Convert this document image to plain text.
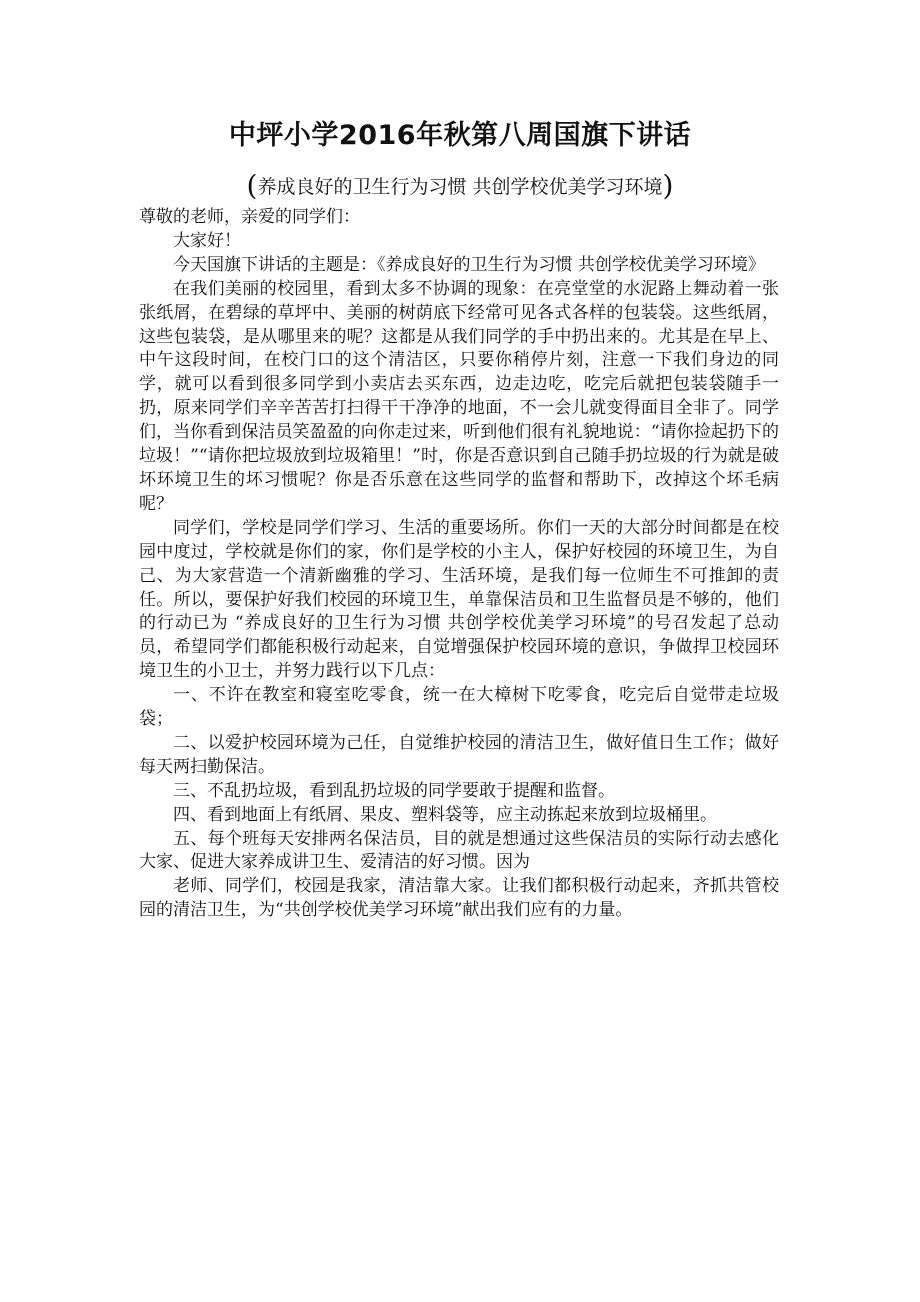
中坪小学2016年秋第八周国旗下讲话
(养成良好的卫生行为习惯 共创学校优美学习环境)

尊敬的老师，亲爱的同学们：

大家好！

今天国旗下讲话的主题是：《养成良好的卫生行为习惯 共创学校优美学习环境》

在我们美丽的校园里，看到太多不协调的现象：在亮堂堂的水泥路上舞动着一张张纸屑，在碧绿的草坪中、美丽的树荫底下经常可见各式各样的包装袋。这些纸屑，这些包装袋，是从哪里来的呢？这都是从我们同学的手中扔出来的。尤其是在早上、中午这段时间，在校门口的这个清洁区，只要你稍停片刻，注意一下我们身边的同学，就可以看到很多同学到小卖店去买东西，边走边吃，吃完后就把包装袋随手一扔，原来同学们辛辛苦苦打扫得干干净净的地面，不一会儿就变得面目全非了。同学们，当你看到保洁员笑盈盈的向你走过来，听到他们很有礼貌地说：“请你捡起扔下的垃圾！”“请你把垃圾放到垃圾箱里！”时，你是否意识到自己随手扔垃圾的行为就是破坏环境卫生的坏习惯呢？你是否乐意在这些同学的监督和帮助下，改掉这个坏毛病呢？

同学们，学校是同学们学习、生活的重要场所。你们一天的大部分时间都是在校园中度过，学校就是你们的家，你们是学校的小主人，保护好校园的环境卫生，为自己、为大家营造一个清新幽雅的学习、生活环境，是我们每一位师生不可推卸的责任。所以，要保护好我们校园的环境卫生，单靠保洁员和卫生监督员是不够的，他们的行动已为 “养成良好的卫生行为习惯 共创学校优美学习环境”的号召发起了总动员，希望同学们都能积极行动起来，自觉增强保护校园环境的意识，争做捍卫校园环境卫生的小卫士，并努力践行以下几点：

一、不许在教室和寝室吃零食，统一在大樟树下吃零食，吃完后自觉带走垃圾袋；

二、以爱护校园环境为己任，自觉维护校园的清洁卫生，做好值日生工作；做好每天两扫勤保洁。

三、不乱扔垃圾，看到乱扔垃圾的同学要敢于提醒和监督。

四、看到地面上有纸屑、果皮、塑料袋等，应主动拣起来放到垃圾桶里。

五、每个班每天安排两名保洁员，目的就是想通过这些保洁员的实际行动去感化大家、促进大家养成讲卫生、爱清洁的好习惯。因为

老师、同学们，校园是我家，清洁靠大家。让我们都积极行动起来，齐抓共管校园的清洁卫生，为“共创学校优美学习环境”献出我们应有的力量。
